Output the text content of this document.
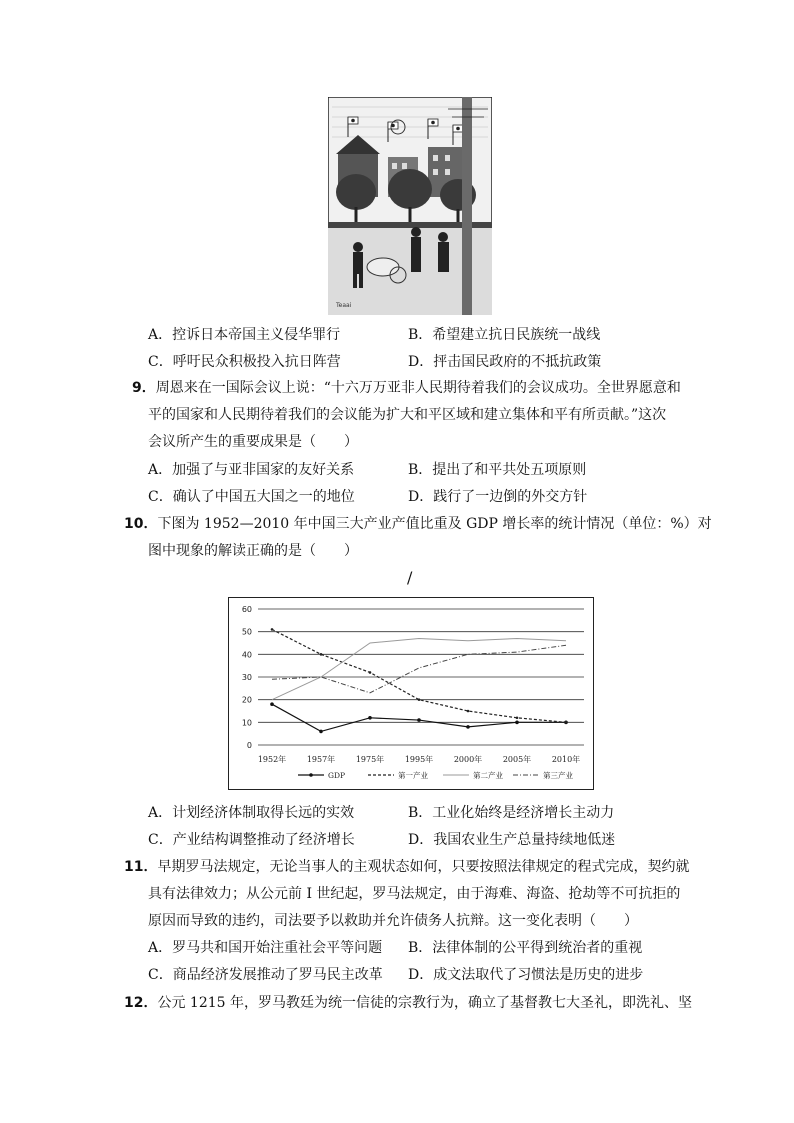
Teaai
A．控诉日本帝国主义侵华罪行	B．希望建立抗日民族统一战线
C．呼吁民众积极投入抗日阵营	D．抨击国民政府的不抵抗政策
9．周恩来在一国际会议上说：“十六万万亚非人民期待着我们的会议成功。全世界愿意和
平的国家和人民期待着我们的会议能为扩大和平区域和建立集体和平有所贡献。”这次
会议所产生的重要成果是（　　）
A．加强了与亚非国家的友好关系	B．提出了和平共处五项原则
C．确认了中国五大国之一的地位	D．践行了一边倒的外交方针
10．下图为 1952—2010 年中国三大产业产值比重及 GDP 增长率的统计情况（单位：%）对
图中现象的解读正确的是（　　）
/
0
10
20
30
40
50
60
1952年	1957年	1975年	1995年	2000年	2005年	2010年
GDP	第一产业	第二产业	第三产业
A．计划经济体制取得长远的实效	B．工业化始终是经济增长主动力
C．产业结构调整推动了经济增长	D．我国农业生产总量持续地低迷
11．早期罗马法规定，无论当事人的主观状态如何，只要按照法律规定的程式完成，契约就
具有法律效力；从公元前 I 世纪起，罗马法规定，由于海难、海盗、抢劫等不可抗拒的
原因而导致的违约，司法要予以救助并允许债务人抗辩。这一变化表明（　　）
A．罗马共和国开始注重社会平等问题 B．法律体制的公平得到统治者的重视
C．商品经济发展推动了罗马民主改革 D．成文法取代了习惯法是历史的进步
12．公元 1215 年，罗马教廷为统一信徒的宗教行为，确立了基督教七大圣礼，即洗礼、坚
